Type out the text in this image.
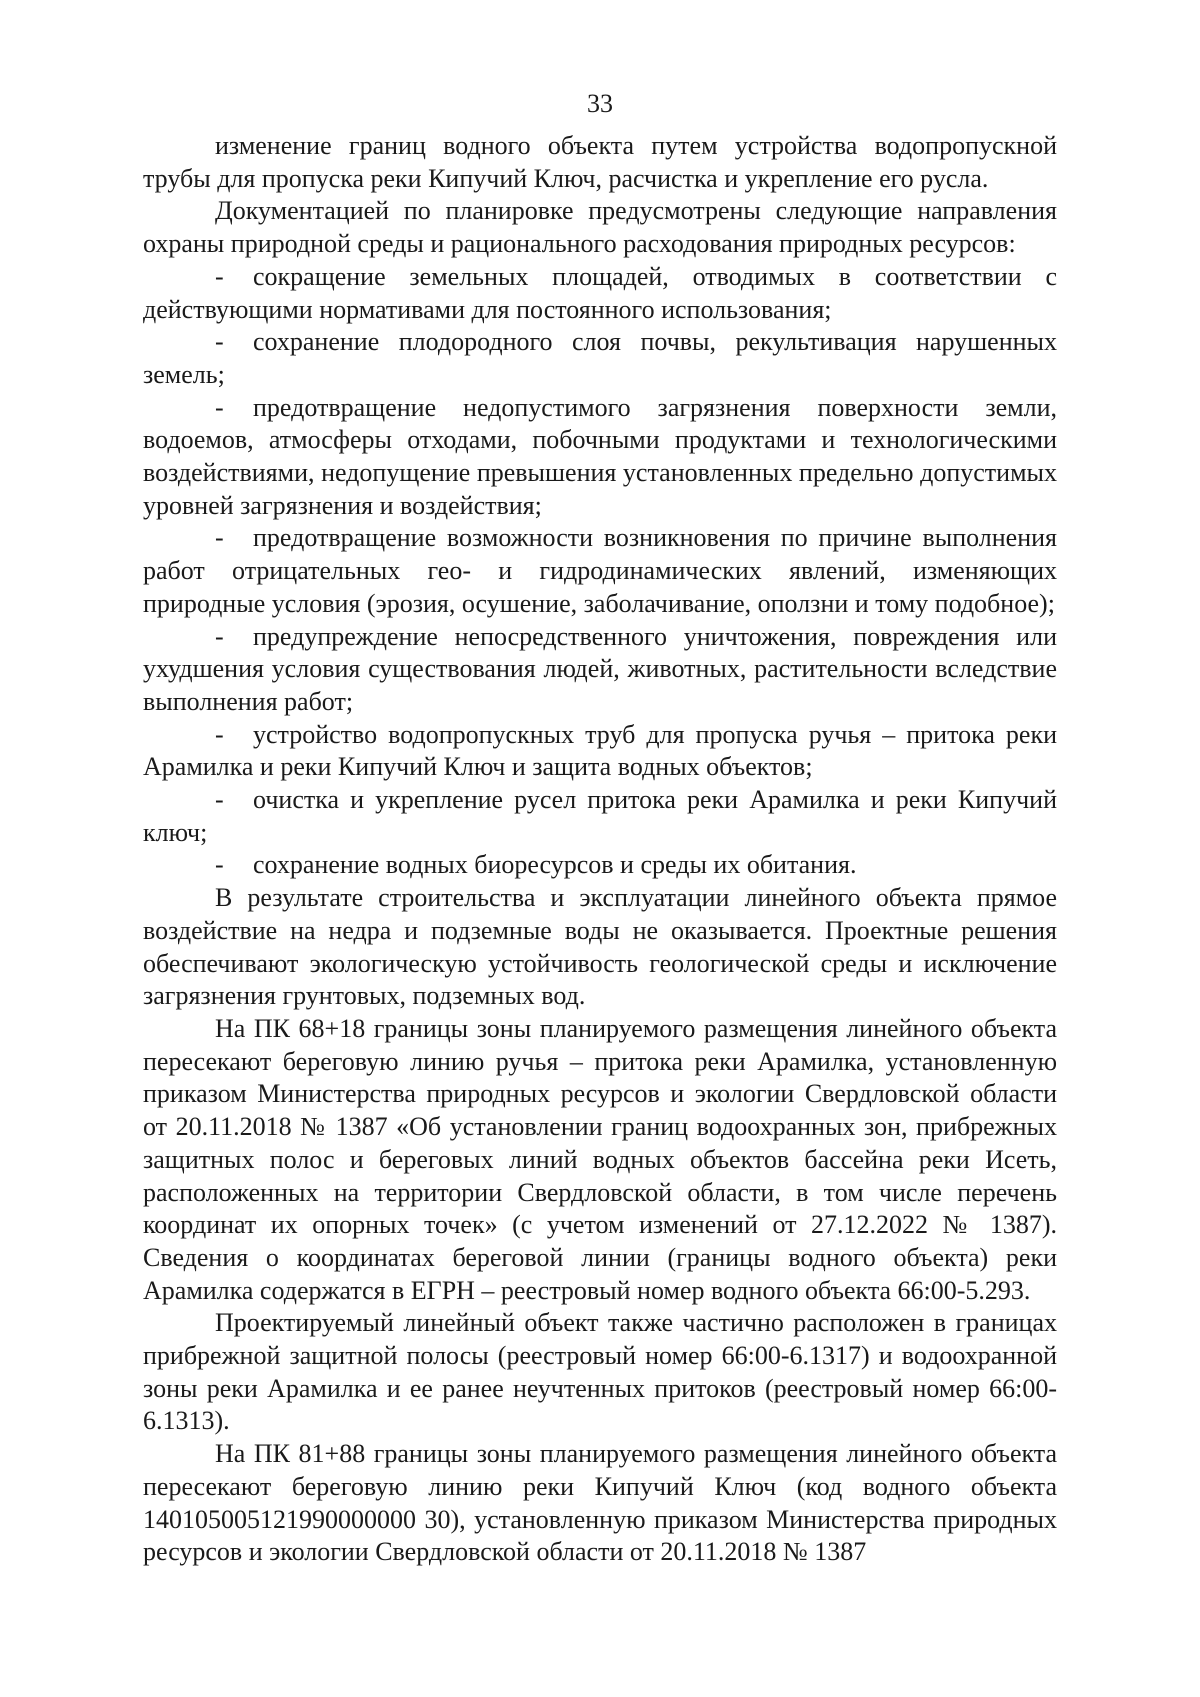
33

изменение границ водного объекта путем устройства водопропускной трубы для пропуска реки Кипучий Ключ, расчистка и укрепление его русла.

Документацией по планировке предусмотрены следующие направления охраны природной среды и рационального расходования природных ресурсов:

- сокращение земельных площадей, отводимых в соответствии с действующими нормативами для постоянного использования;

- сохранение плодородного слоя почвы, рекультивация нарушенных земель;

- предотвращение недопустимого загрязнения поверхности земли, водоемов, атмосферы отходами, побочными продуктами и технологическими воздействиями, недопущение превышения установленных предельно допустимых уровней загрязнения и воздействия;

- предотвращение возможности возникновения по причине выполнения работ отрицательных гео- и гидродинамических явлений, изменяющих природные условия (эрозия, осушение, заболачивание, оползни и тому подобное);

- предупреждение непосредственного уничтожения, повреждения или ухудшения условия существования людей, животных, растительности вследствие выполнения работ;

- устройство водопропускных труб для пропуска ручья – притока реки Арамилка и реки Кипучий Ключ и защита водных объектов;

- очистка и укрепление русел притока реки Арамилка и реки Кипучий ключ;

- сохранение водных биоресурсов и среды их обитания.

В результате строительства и эксплуатации линейного объекта прямое воздействие на недра и подземные воды не оказывается. Проектные решения обеспечивают экологическую устойчивость геологической среды и исключение загрязнения грунтовых, подземных вод.

На ПК 68+18 границы зоны планируемого размещения линейного объекта пересекают береговую линию ручья – притока реки Арамилка, установленную приказом Министерства природных ресурсов и экологии Свердловской области от 20.11.2018 № 1387 «Об установлении границ водоохранных зон, прибрежных защитных полос и береговых линий водных объектов бассейна реки Исеть, расположенных на территории Свердловской области, в том числе перечень координат их опорных точек» (с учетом изменений от 27.12.2022 № 1387). Сведения о координатах береговой линии (границы водного объекта) реки Арамилка содержатся в ЕГРН – реестровый номер водного объекта 66:00-5.293.

Проектируемый линейный объект также частично расположен в границах прибрежной защитной полосы (реестровый номер 66:00-6.1317) и водоохранной зоны реки Арамилка и ее ранее неучтенных притоков (реестровый номер 66:00-6.1313).

На ПК 81+88 границы зоны планируемого размещения линейного объекта пересекают береговую линию реки Кипучий Ключ (код водного объекта 140105005121990000000 30), установленную приказом Министерства природных ресурсов и экологии Свердловской области от 20.11.2018 № 1387
